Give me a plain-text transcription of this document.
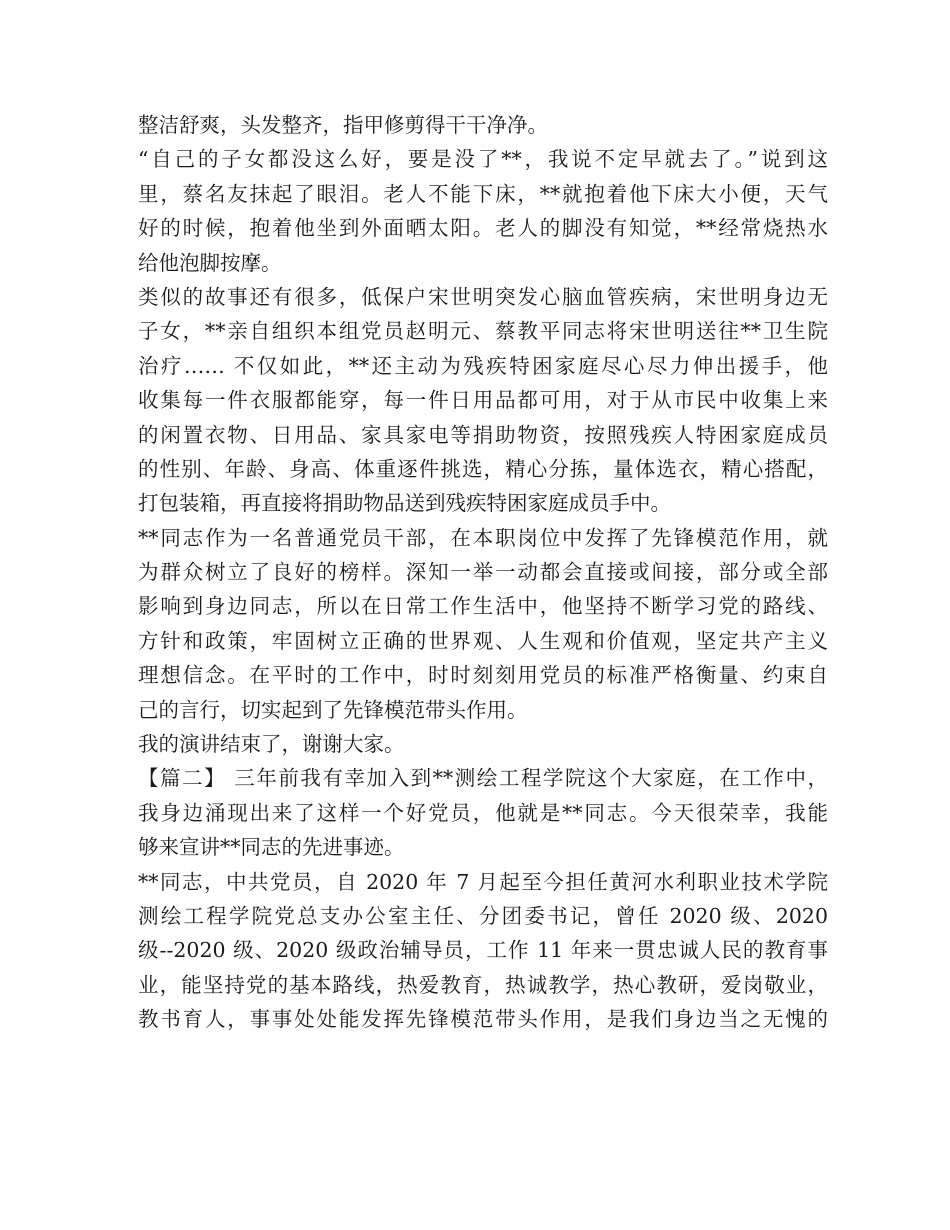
整洁舒爽，头发整齐，指甲修剪得干干净净。
“自己的子女都没这么好，要是没了**，我说不定早就去了。”说到这
里，蔡名友抹起了眼泪。老人不能下床，**就抱着他下床大小便，天气
好的时候，抱着他坐到外面晒太阳。老人的脚没有知觉，**经常烧热水
给他泡脚按摩。
类似的故事还有很多，低保户宋世明突发心脑血管疾病，宋世明身边无
子女，**亲自组织本组党员赵明元、蔡教平同志将宋世明送往**卫生院
治疗…… 不仅如此，**还主动为残疾特困家庭尽心尽力伸出援手，他
收集每一件衣服都能穿，每一件日用品都可用，对于从市民中收集上来
的闲置衣物、日用品、家具家电等捐助物资，按照残疾人特困家庭成员
的性别、年龄、身高、体重逐件挑选，精心分拣，量体选衣，精心搭配，
打包装箱，再直接将捐助物品送到残疾特困家庭成员手中。
**同志作为一名普通党员干部，在本职岗位中发挥了先锋模范作用，就
为群众树立了良好的榜样。深知一举一动都会直接或间接，部分或全部
影响到身边同志，所以在日常工作生活中，他坚持不断学习党的路线、
方针和政策，牢固树立正确的世界观、人生观和价值观，坚定共产主义
理想信念。在平时的工作中，时时刻刻用党员的标准严格衡量、约束自
己的言行，切实起到了先锋模范带头作用。
我的演讲结束了，谢谢大家。
【篇二】 三年前我有幸加入到**测绘工程学院这个大家庭，在工作中，
我身边涌现出来了这样一个好党员，他就是**同志。今天很荣幸，我能
够来宣讲**同志的先进事迹。
**同志，中共党员，自 2020 年 7 月起至今担任黄河水利职业技术学院
测绘工程学院党总支办公室主任、分团委书记，曾任 2020 级、2020
级--2020 级、2020 级政治辅导员，工作 11 年来一贯忠诚人民的教育事
业，能坚持党的基本路线，热爱教育，热诚教学，热心教研，爱岗敬业，
教书育人，事事处处能发挥先锋模范带头作用，是我们身边当之无愧的
